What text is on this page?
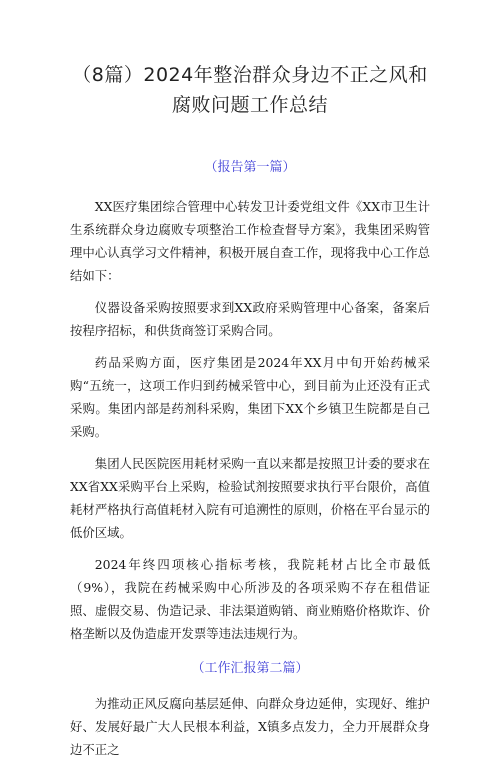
（8篇）2024年整治群众身边不正之风和
腐败问题工作总结

（报告第一篇）

XX医疗集团综合管理中心转发卫计委党组文件《XX市卫生计生系统群众身边腐败专项整治工作检查督导方案》，我集团采购管理中心认真学习文件精神，积极开展自查工作，现将我中心工作总结如下：

仪器设备采购按照要求到XX政府采购管理中心备案，备案后按程序招标，和供货商签订采购合同。

药品采购方面，医疗集团是2024年XX月中旬开始药械采购“五统一，这项工作归到药械采管中心，到目前为止还没有正式采购。集团内部是药剂科采购，集团下XX个乡镇卫生院都是自己采购。

集团人民医院医用耗材采购一直以来都是按照卫计委的要求在XX省XX采购平台上采购，检验试剂按照要求执行平台限价，高值耗材严格执行高值耗材入院有可追溯性的原则，价格在平台显示的低价区域。

2024年终四项核心指标考核，我院耗材占比全市最低（9%），我院在药械采购中心所涉及的各项采购不存在租借证照、虚假交易、伪造记录、非法渠道购销、商业贿赂价格欺诈、价格垄断以及伪造虚开发票等违法违规行为。

（工作汇报第二篇）

为推动正风反腐向基层延伸、向群众身边延伸，实现好、维护好、发展好最广大人民根本利益，X镇多点发力，全力开展群众身边不正之
